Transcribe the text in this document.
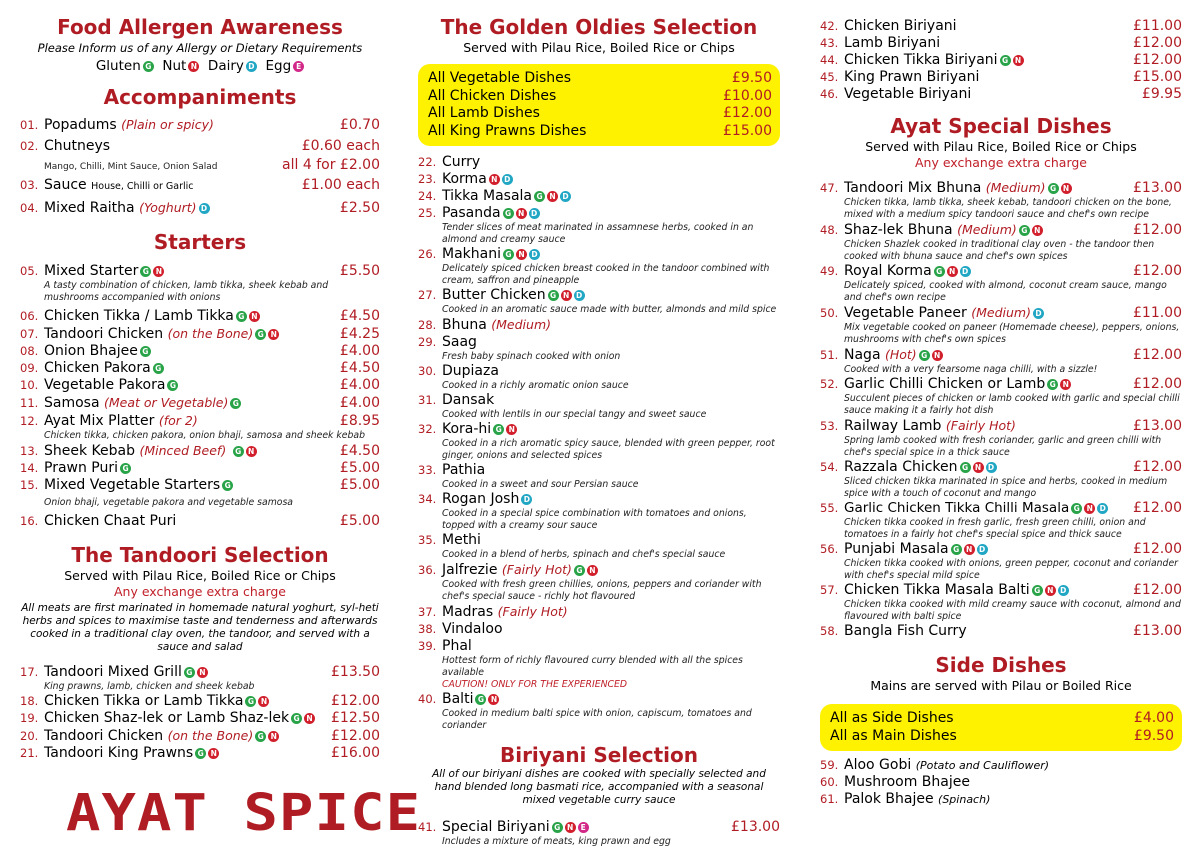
Food Allergen Awareness
Please Inform us of any Allergy or Dietary Requirements
Gluten G Nut N Dairy D Egg E
Accompaniments
01. Popadums (Plain or spicy)	£0.70
02. Chutneys	£0.60 each
Mango, Chilli, Mint Sauce, Onion Salad	all 4 for £2.00
03. Sauce House, Chilli or Garlic	£1.00 each
04. Mixed Raitha (Yoghurt) D	£2.50
Starters
05. Mixed Starter G N	£5.50
A tasty combination of chicken, lamb tikka, sheek kebab and mushrooms accompanied with onions
06. Chicken Tikka / Lamb Tikka G N	£4.50
07. Tandoori Chicken (on the Bone) G N	£4.25
08. Onion Bhajee G	£4.00
09. Chicken Pakora G	£4.50
10. Vegetable Pakora G	£4.00
11. Samosa (Meat or Vegetable) G	£4.00
12. Ayat Mix Platter (for 2)	£8.95
Chicken tikka, chicken pakora, onion bhaji, samosa and sheek kebab
13. Sheek Kebab (Minced Beef) G N	£4.50
14. Prawn Puri G	£5.00
15. Mixed Vegetable Starters G	£5.00
Onion bhaji, vegetable pakora and vegetable samosa
16. Chicken Chaat Puri	£5.00
The Tandoori Selection
Served with Pilau Rice, Boiled Rice or Chips
Any exchange extra charge
All meats are first marinated in homemade natural yoghurt, syl-heti herbs and spices to maximise taste and tenderness and afterwards cooked in a traditional clay oven, the tandoor, and served with a sauce and salad
17. Tandoori Mixed Grill G N	£13.50
King prawns, lamb, chicken and sheek kebab
18. Chicken Tikka or Lamb Tikka G N	£12.00
19. Chicken Shaz-lek or Lamb Shaz-lek G N	£12.50
20. Tandoori Chicken (on the Bone) G N	£12.00
21. Tandoori King Prawns G N	£16.00
AYAT SPICE
The Golden Oldies Selection
Served with Pilau Rice, Boiled Rice or Chips
All Vegetable Dishes	£9.50
All Chicken Dishes	£10.00
All Lamb Dishes	£12.00
All King Prawns Dishes	£15.00
22. Curry
23. Korma N D
24. Tikka Masala G N D
25. Pasanda G N D
Tender slices of meat marinated in assamnese herbs, cooked in an almond and creamy sauce
26. Makhani G N D
Delicately spiced chicken breast cooked in the tandoor combined with cream, saffron and pineapple
27. Butter Chicken G N D
Cooked in an aromatic sauce made with butter, almonds and mild spice
28. Bhuna (Medium)
29. Saag
Fresh baby spinach cooked with onion
30. Dupiaza
Cooked in a richly aromatic onion sauce
31. Dansak
Cooked with lentils in our special tangy and sweet sauce
32. Kora-hi G N
Cooked in a rich aromatic spicy sauce, blended with green pepper, root ginger, onions and selected spices
33. Pathia
Cooked in a sweet and sour Persian sauce
34. Rogan Josh D
Cooked in a special spice combination with tomatoes and onions, topped with a creamy sour sauce
35. Methi
Cooked in a blend of herbs, spinach and chef's special sauce
36. Jalfrezie (Fairly Hot) G N
Cooked with fresh green chillies, onions, peppers and coriander with chef's special sauce - richly hot flavoured
37. Madras (Fairly Hot)
38. Vindaloo
39. Phal
Hottest form of richly flavoured curry blended with all the spices available
CAUTION! ONLY FOR THE EXPERIENCED
40. Balti G N
Cooked in medium balti spice with onion, capiscum, tomatoes and coriander
Biriyani Selection
All of our biriyani dishes are cooked with specially selected and hand blended long basmati rice, accompanied with a seasonal mixed vegetable curry sauce
41. Special Biriyani G N E	£13.00
Includes a mixture of meats, king prawn and egg
42. Chicken Biriyani	£11.00
43. Lamb Biriyani	£12.00
44. Chicken Tikka Biriyani G N	£12.00
45. King Prawn Biriyani	£15.00
46. Vegetable Biriyani	£9.95
Ayat Special Dishes
Served with Pilau Rice, Boiled Rice or Chips
Any exchange extra charge
47. Tandoori Mix Bhuna (Medium) G N	£13.00
Chicken tikka, lamb tikka, sheek kebab, tandoori chicken on the bone, mixed with a medium spicy tandoori sauce and chef's own recipe
48. Shaz-lek Bhuna (Medium) G N	£12.00
Chicken Shazlek cooked in traditional clay oven - the tandoor then cooked with bhuna sauce and chef's own spices
49. Royal Korma G N D	£12.00
Delicately spiced, cooked with almond, coconut cream sauce, mango and chef's own recipe
50. Vegetable Paneer (Medium) D	£11.00
Mix vegetable cooked on paneer (Homemade cheese), peppers, onions, mushrooms with chef's own spices
51. Naga (Hot) G N	£12.00
Cooked with a very fearsome naga chilli, with a sizzle!
52. Garlic Chilli Chicken or Lamb G N	£12.00
Succulent pieces of chicken or lamb cooked with garlic and special chilli sauce making it a fairly hot dish
53. Railway Lamb (Fairly Hot)	£13.00
Spring lamb cooked with fresh coriander, garlic and green chilli with chef's special spice in a thick sauce
54. Razzala Chicken G N D	£12.00
Sliced chicken tikka marinated in spice and herbs, cooked in medium spice with a touch of coconut and mango
55. Garlic Chicken Tikka Chilli Masala G N D	£12.00
Chicken tikka cooked in fresh garlic, fresh green chilli, onion and tomatoes in a fairly hot chef's special spice and thick sauce
56. Punjabi Masala G N D	£12.00
Chicken tikka cooked with onions, green pepper, coconut and coriander with chef's special mild spice
57. Chicken Tikka Masala Balti G N D	£12.00
Chicken tikka cooked with mild creamy sauce with coconut, almond and flavoured with balti spice
58. Bangla Fish Curry	£13.00
Side Dishes
Mains are served with Pilau or Boiled Rice
All as Side Dishes	£4.00
All as Main Dishes	£9.50
59. Aloo Gobi (Potato and Cauliflower)
60. Mushroom Bhajee
61. Palok Bhajee (Spinach)
